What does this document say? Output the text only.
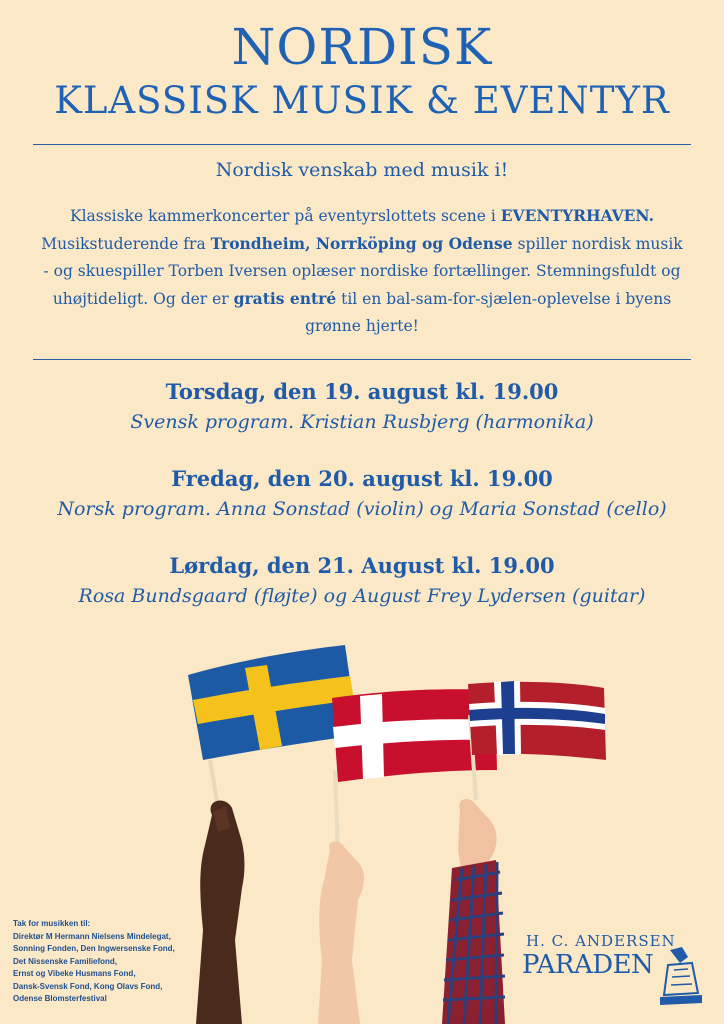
NORDISK
KLASSISK MUSIK & EVENTYR
Nordisk venskab med musik i!
Klassiske kammerkoncerter på eventyrslottets scene i EVENTYRHAVEN. Musikstuderende fra Trondheim, Norrköping og Odense spiller nordisk musik - og skuespiller Torben Iversen oplæser nordiske fortællinger. Stemningsfuldt og uhøjtideligt. Og der er gratis entré til en bal-sam-for-sjælen-oplevelse i byens grønne hjerte!
Torsdag, den 19. august kl. 19.00
Svensk program. Kristian Rusbjerg (harmonika)
Fredag, den 20. august kl. 19.00
Norsk program. Anna Sonstad (violin) og Maria Sonstad (cello)
Lørdag, den 21. August kl. 19.00
Rosa Bundsgaard (fløjte) og August Frey Lydersen (guitar)
Tak for musikken til:
Direktør M Hermann Nielsens Mindelegat,
Sonning Fonden, Den Ingwersenske Fond,
Det Nissenske Familiefond,
Ernst og Vibeke Husmans Fond,
Dansk-Svensk Fond, Kong Olavs Fond,
Odense Blomsterfestival
H. C. ANDERSEN
PARADEN
